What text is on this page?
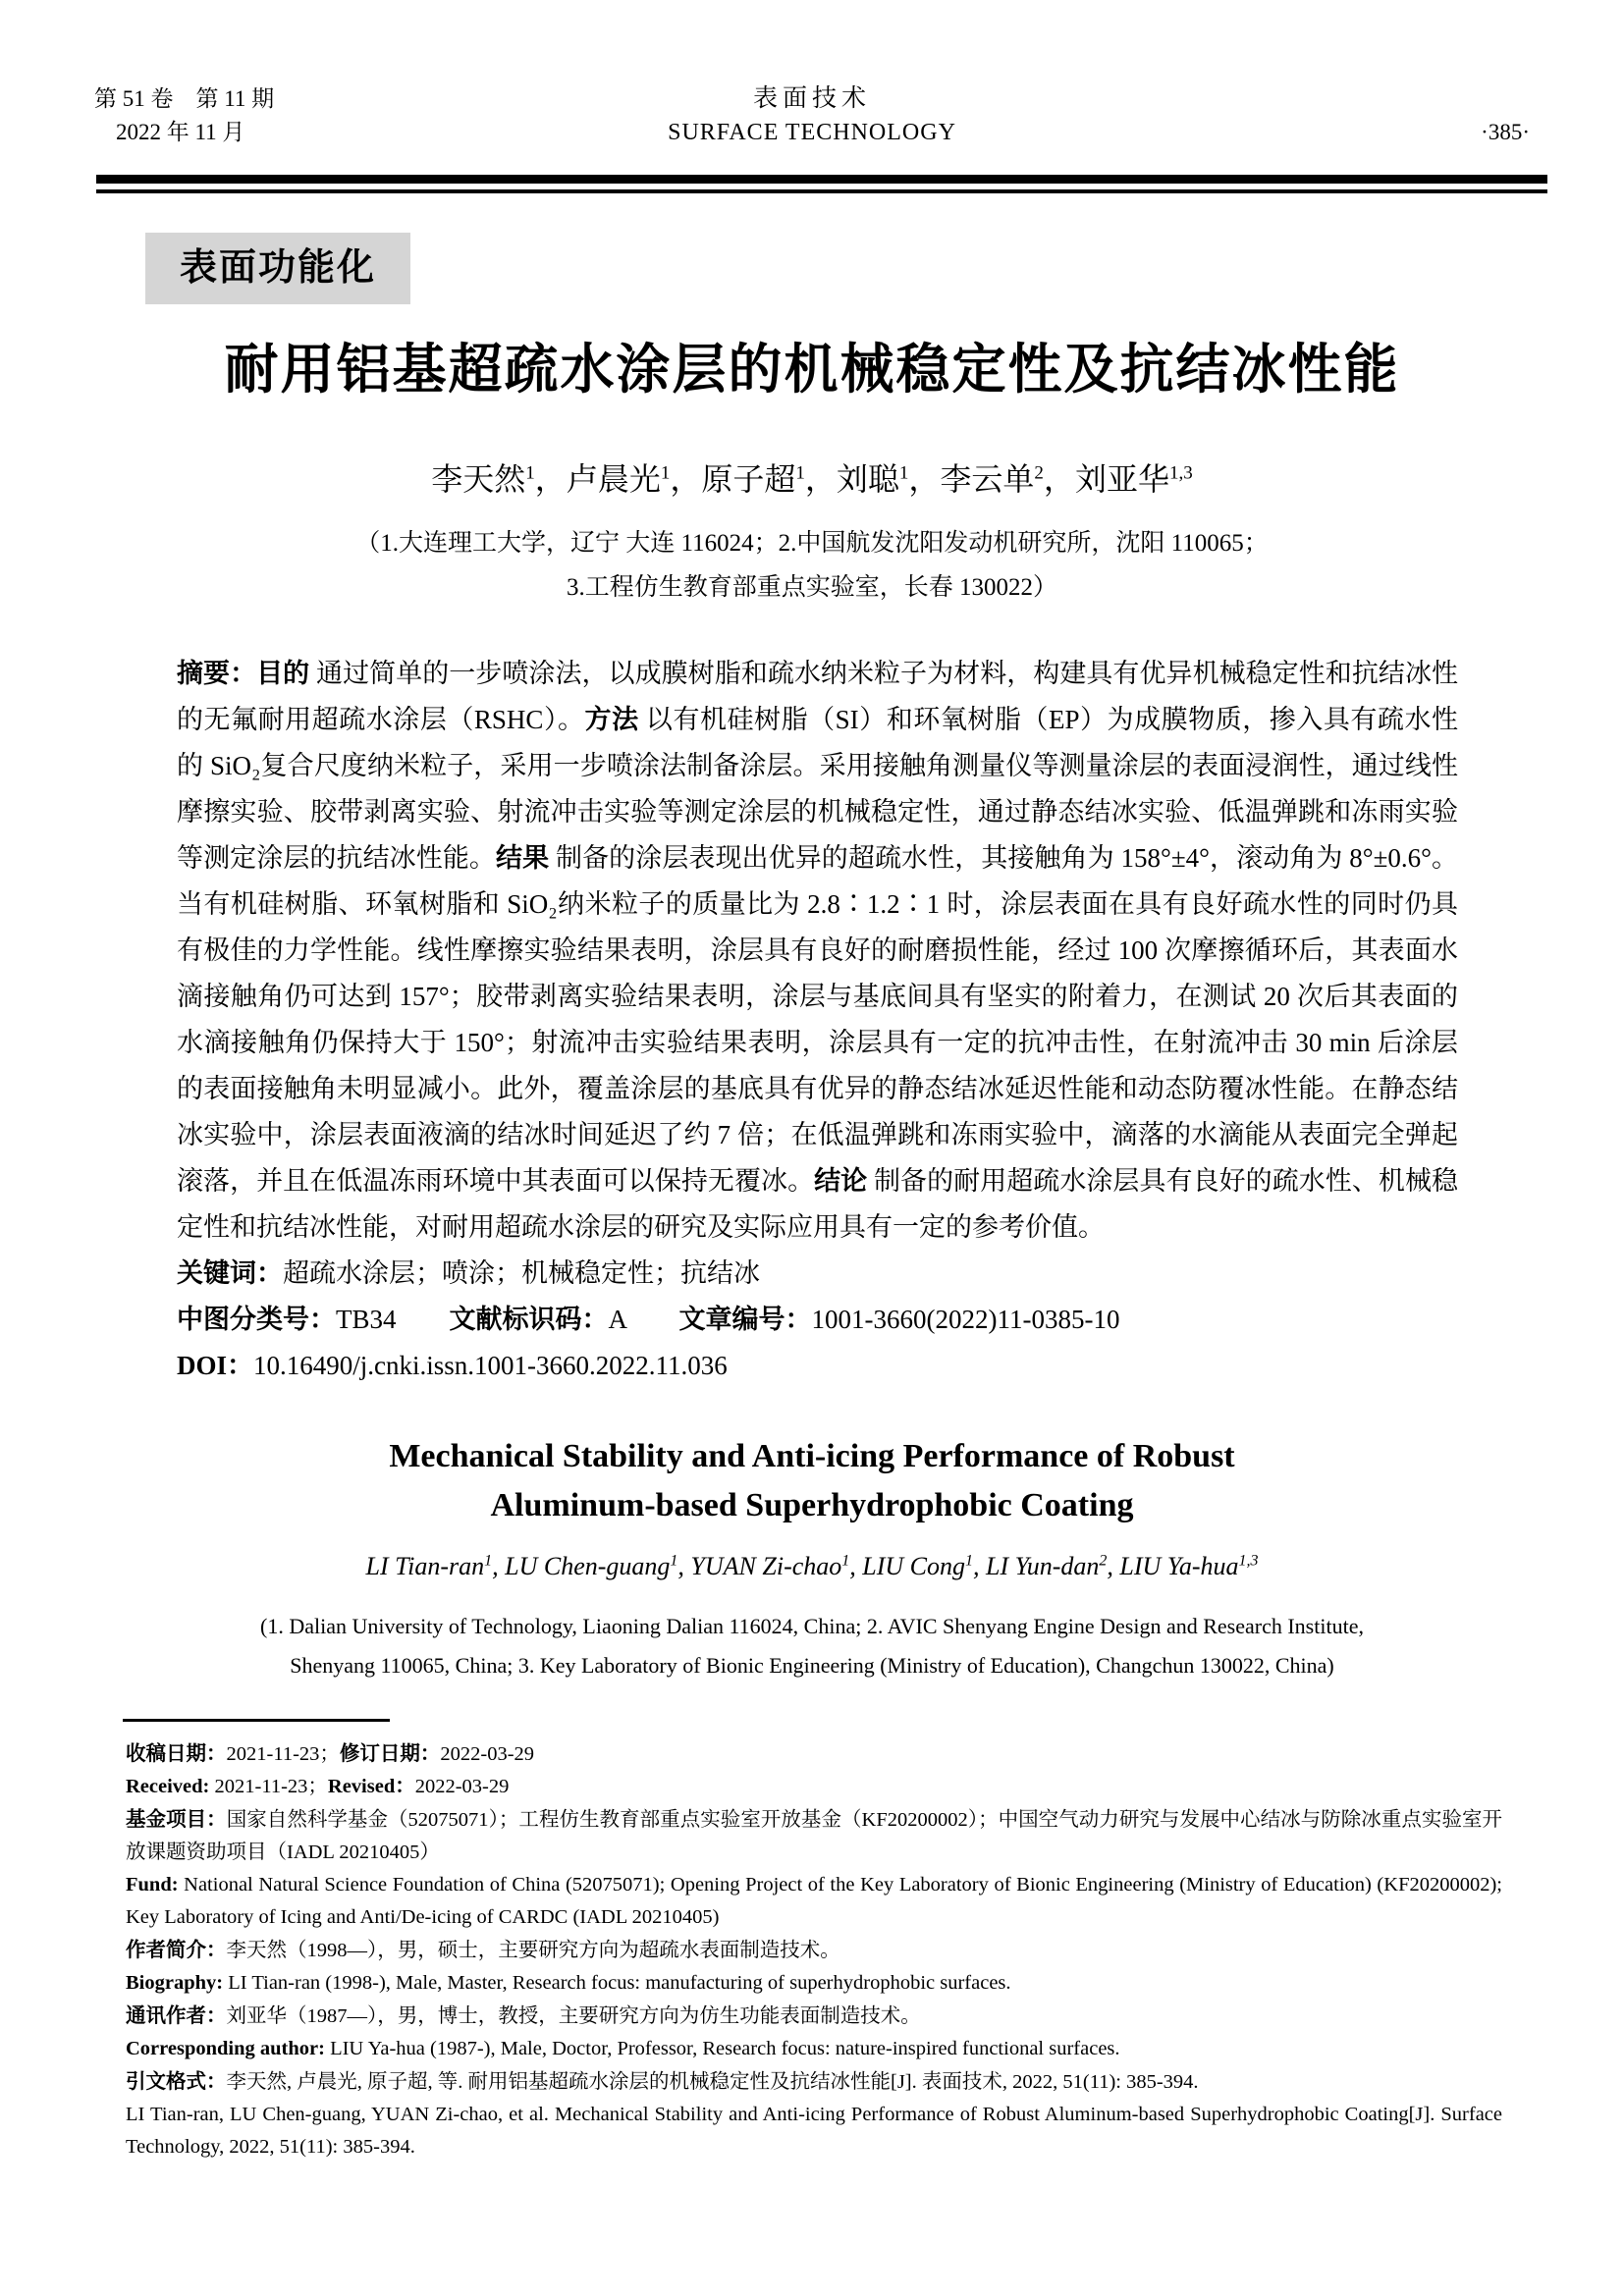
第 51 卷　第 11 期
2022 年 11 月
表面技术
SURFACE TECHNOLOGY	·385·
表面功能化
耐用铝基超疏水涂层的机械稳定性及抗结冰性能
李天然$^1$，卢晨光$^1$，原子超$^1$，刘聪$^1$，李云单$^2$，刘亚华$^{1,3}$
（1.大连理工大学，辽宁 大连 116024；2.中国航发沈阳发动机研究所，沈阳 110065；
3.工程仿生教育部重点实验室，长春 130022）

摘要：目的 通过简单的一步喷涂法，以成膜树脂和疏水纳米粒子为材料，构建具有优异机械稳定性和抗结冰性的无氟耐用超疏水涂层（RSHC）。方法 以有机硅树脂（SI）和环氧树脂（EP）为成膜物质，掺入具有疏水性的 SiO₂复合尺度纳米粒子，采用一步喷涂法制备涂层。采用接触角测量仪等测量涂层的表面浸润性，通过线性摩擦实验、胶带剥离实验、射流冲击实验等测定涂层的机械稳定性，通过静态结冰实验、低温弹跳和冻雨实验等测定涂层的抗结冰性能。结果 制备的涂层表现出优异的超疏水性，其接触角为 158°±4°，滚动角为 8°±0.6°。当有机硅树脂、环氧树脂和 SiO₂纳米粒子的质量比为 2.8∶1.2∶1 时，涂层表面在具有良好疏水性的同时仍具有极佳的力学性能。线性摩擦实验结果表明，涂层具有良好的耐磨损性能，经过 100 次摩擦循环后，其表面水滴接触角仍可达到 157°；胶带剥离实验结果表明，涂层与基底间具有坚实的附着力，在测试 20 次后其表面的水滴接触角仍保持大于 150°；射流冲击实验结果表明，涂层具有一定的抗冲击性，在射流冲击 30 min 后涂层的表面接触角未明显减小。此外，覆盖涂层的基底具有优异的静态结冰延迟性能和动态防覆冰性能。在静态结冰实验中，涂层表面液滴的结冰时间延迟了约 7 倍；在低温弹跳和冻雨实验中，滴落的水滴能从表面完全弹起滚落，并且在低温冻雨环境中其表面可以保持无覆冰。结论 制备的耐用超疏水涂层具有良好的疏水性、机械稳定性和抗结冰性能，对耐用超疏水涂层的研究及实际应用具有一定的参考价值。

关键词：超疏水涂层；喷涂；机械稳定性；抗结冰

中图分类号：TB34　　文献标识码：A　　文章编号：1001-3660(2022)11-0385-10

DOI：10.16490/j.cnki.issn.1001-3660.2022.11.036

Mechanical Stability and Anti-icing Performance of Robust
Aluminum-based Superhydrophobic Coating
LI Tian-ran$^1$, LU Chen-guang$^1$, YUAN Zi-chao$^1$, LIU Cong$^1$, LI Yun-dan$^2$, LIU Ya-hua$^{1,3}$
(1. Dalian University of Technology, Liaoning Dalian 116024, China; 2. AVIC Shenyang Engine Design and Research Institute,
Shenyang 110065, China; 3. Key Laboratory of Bionic Engineering (Ministry of Education), Changchun 130022, China)

收稿日期：2021-11-23；修订日期：2022-03-29

Received: 2021-11-23；Revised：2022-03-29

基金项目：国家自然科学基金（52075071）；工程仿生教育部重点实验室开放基金（KF20200002）；中国空气动力研究与发展中心结冰与防除冰重点实验室开放课题资助项目（IADL 20210405）

Fund: National Natural Science Foundation of China (52075071); Opening Project of the Key Laboratory of Bionic Engineering (Ministry of Education) (KF20200002); Key Laboratory of Icing and Anti/De-icing of CARDC (IADL 20210405)

作者简介：李天然（1998—），男，硕士，主要研究方向为超疏水表面制造技术。

Biography: LI Tian-ran (1998-), Male, Master, Research focus: manufacturing of superhydrophobic surfaces.

通讯作者：刘亚华（1987—），男，博士，教授，主要研究方向为仿生功能表面制造技术。

Corresponding author: LIU Ya-hua (1987-), Male, Doctor, Professor, Research focus: nature-inspired functional surfaces.

引文格式：李天然, 卢晨光, 原子超, 等. 耐用铝基超疏水涂层的机械稳定性及抗结冰性能[J]. 表面技术, 2022, 51(11): 385-394.

LI Tian-ran, LU Chen-guang, YUAN Zi-chao, et al. Mechanical Stability and Anti-icing Performance of Robust Aluminum-based Superhydrophobic Coating[J]. Surface Technology, 2022, 51(11): 385-394.
